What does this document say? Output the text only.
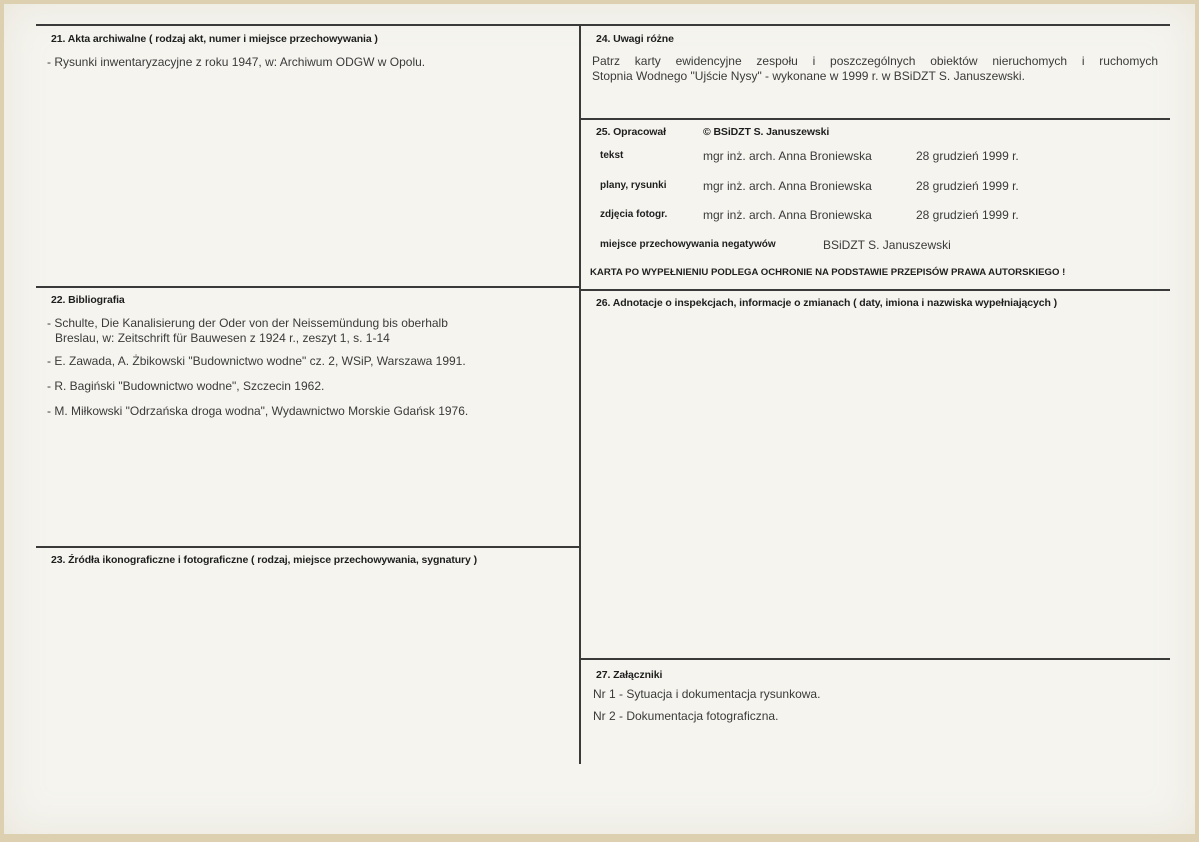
21. Akta archiwalne ( rodzaj akt, numer i miejsce przechowywania )
- Rysunki inwentaryzacyjne z roku 1947, w: Archiwum ODGW w Opolu.
22. Bibliografia
- Schulte, Die Kanalisierung der Oder von der Neissemündung bis oberhalb
Breslau, w: Zeitschrift für Bauwesen z 1924 r., zeszyt 1, s. 1-14
- E. Zawada, A. Żbikowski "Budownictwo wodne" cz. 2, WSiP, Warszawa 1991.
- R. Bagiński "Budownictwo wodne", Szczecin 1962.
- M. Miłkowski "Odrzańska droga wodna", Wydawnictwo Morskie Gdańsk 1976.
23. Źródła ikonograficzne i fotograficzne ( rodzaj, miejsce przechowywania, sygnatury )
24. Uwagi różne
Patrz karty ewidencyjne zespołu i poszczególnych obiektów nieruchomych i ruchomych
Stopnia Wodnego "Ujście Nysy" - wykonane w 1999 r. w BSiDZT S. Januszewski.
25. Opracował	© BSiDZT S. Januszewski
tekst	mgr inż. arch. Anna Broniewska	28 grudzień 1999 r.
plany, rysunki	mgr inż. arch. Anna Broniewska	28 grudzień 1999 r.
zdjęcia fotogr.	mgr inż. arch. Anna Broniewska	28 grudzień 1999 r.
miejsce przechowywania negatywów	BSiDZT S. Januszewski
KARTA PO WYPEŁNIENIU PODLEGA OCHRONIE NA PODSTAWIE PRZEPISÓW PRAWA AUTORSKIEGO !
26. Adnotacje o inspekcjach, informacje o zmianach ( daty, imiona i nazwiska wypełniających )
27. Załączniki
Nr 1 - Sytuacja i dokumentacja rysunkowa.
Nr 2 - Dokumentacja fotograficzna.
